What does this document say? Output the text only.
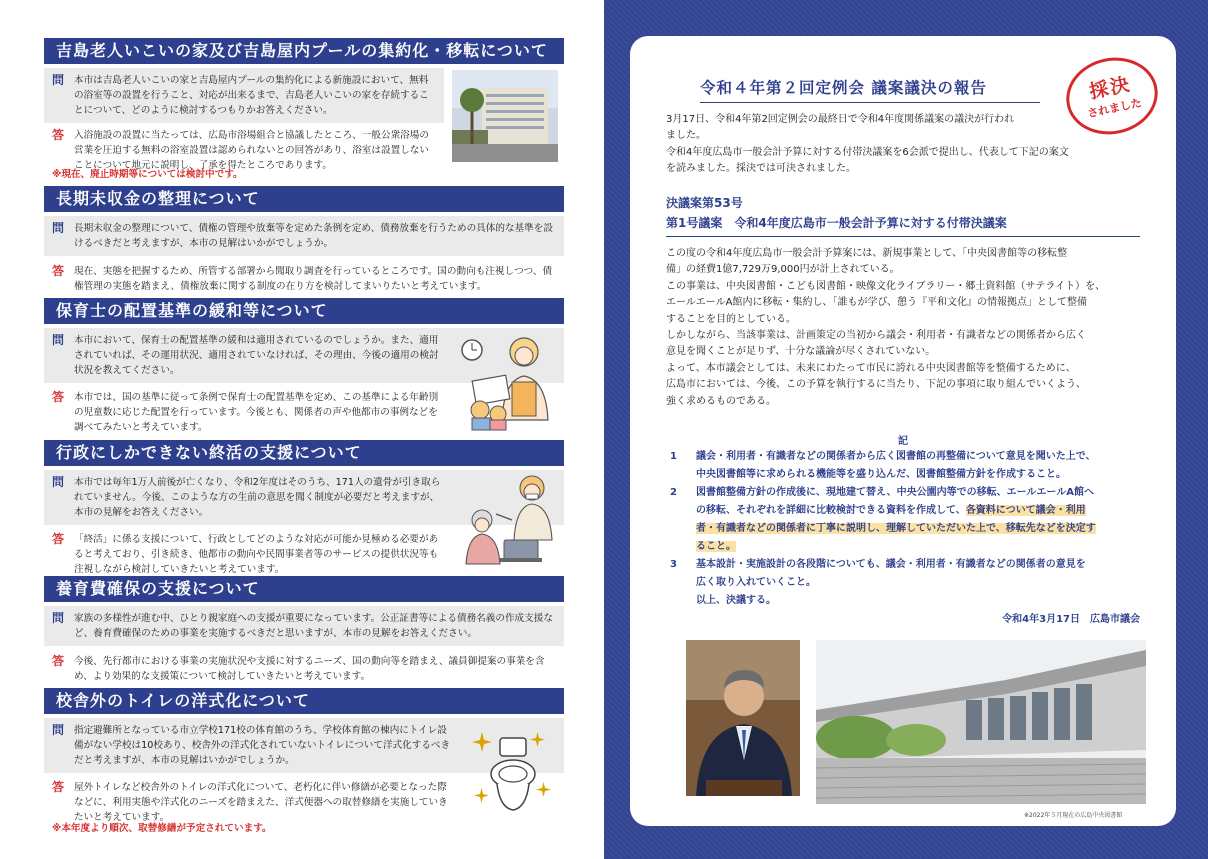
吉島老人いこいの家及び吉島屋内プールの集約化・移転について
問	本市は吉島老人いこいの家と吉島屋内プールの集約化による新施設において、無料の浴室等の設置を行うこと、対応が出来るまで、吉島老人いこいの家を存続することについて、どのように検討するつもりかお答えください。
答	入浴施設の設置に当たっては、広島市浴場組合と協議したところ、一般公衆浴場の営業を圧迫する無料の浴室設置は認められないとの回答があり、浴室は設置しないことについて地元に説明し、了承を得たところであります。
※現在、廃止時期等については検討中です。
長期未収金の整理について
問	長期未収金の整理について、債権の管理や放棄等を定めた条例を定め、債務放棄を行うための具体的な基準を設けるべきだと考えますが、本市の見解はいかがでしょうか。
答	現在、実態を把握するため、所管する部署から聞取り調査を行っているところです。国の動向も注視しつつ、債権管理の実態を踏まえ、債権放棄に関する制度の在り方を検討してまいりたいと考えています。
保育士の配置基準の緩和等について
問	本市において、保育士の配置基準の緩和は適用されているのでしょうか。また、適用されていれば、その運用状況、適用されていなければ、その理由、今後の適用の検討状況を教えてください。
答	本市では、国の基準に従って条例で保育士の配置基準を定め、この基準による年齢別の児童数に応じた配置を行っています。今後とも、関係者の声や他都市の事例などを調べてみたいと考えています。
行政にしかできない終活の支援について
問	本市では毎年1万人前後が亡くなり、令和2年度はそのうち、171人の遺骨が引き取られていません。今後、このような方の生前の意思を聞く制度が必要だと考えますが、本市の見解をお答えください。
答	「終活」に係る支援について、行政としてどのような対応が可能か見極める必要があると考えており、引き続き、他都市の動向や民間事業者等のサービスの提供状況等も注視しながら検討していきたいと考えています。
養育費確保の支援について
問	家族の多様性が進む中、ひとり親家庭への支援が重要になっています。公正証書等による債務名義の作成支援など、養育費確保のための事業を実施するべきだと思いますが、本市の見解をお答えください。
答	今後、先行都市における事業の実施状況や支援に対するニーズ、国の動向等を踏まえ、議員御提案の事業を含め、より効果的な支援策について検討していきたいと考えています。
校舎外のトイレの洋式化について
問	指定避難所となっている市立学校171校の体育館のうち、学校体育館の棟内にトイレ設備がない学校は10校あり、校舎外の洋式化されていないトイレについて洋式化するべきだと考えますが、本市の見解はいかがでしょうか。
答	屋外トイレなど校舎外のトイレの洋式化について、老朽化に伴い修繕が必要となった際などに、利用実態や洋式化のニーズを踏まえた、洋式便器への取替修繕を実施していきたいと考えています。
※本年度より順次、取替修繕が予定されています。
令和４年第２回定例会 議案議決の報告	採決
されました
3月17日、令和4年第2回定例会の最終日で令和4年度関係議案の議決が行われ
ました。
令和4年度広島市一般会計予算に対する付帯決議案を6会派で提出し、代表して下記の案文
を読みました。採決では可決されました。
決議案第53号
第1号議案　令和4年度広島市一般会計予算に対する付帯決議案
この度の令和4年度広島市一般会計予算案には、新規事業として、「中央図書館等の移転整
備」の経費1億7,729万9,000円が計上されている。
この事業は、中央図書館・こども図書館・映像文化ライブラリー・郷土資料館（サテライト）を、
エールエールA館内に移転・集約し、「誰もが学び、憩う『平和文化』の情報拠点」として整備
することを目的としている。
しかしながら、当該事業は、計画策定の当初から議会・利用者・有識者などの関係者から広く
意見を聞くことが足りず、十分な議論が尽くされていない。
よって、本市議会としては、未来にわたって市民に誇れる中央図書館等を整備するために、
広島市においては、今後、この予算を執行するに当たり、下記の事項に取り組んでいくよう、
強く求めるものである。
記
1	議会・利用者・有識者などの関係者から広く図書館の再整備について意見を聞いた上で、
中央図書館等に求められる機能等を盛り込んだ、図書館整備方針を作成すること。
2	図書館整備方針の作成後に、現地建て替え、中央公園内等での移転、エールエールA館へ
の移転、それぞれを詳細に比較検討できる資料を作成して、各資料について議会・利用
者・有識者などの関係者に丁寧に説明し、理解していただいた上で、移転先などを決定す
ること。
3	基本設計・実施設計の各段階についても、議会・利用者・有識者などの関係者の意見を
広く取り入れていくこと。
以上、決議する。
令和4年3月17日　広島市議会
※2022年５月現在の広島中央図書館
